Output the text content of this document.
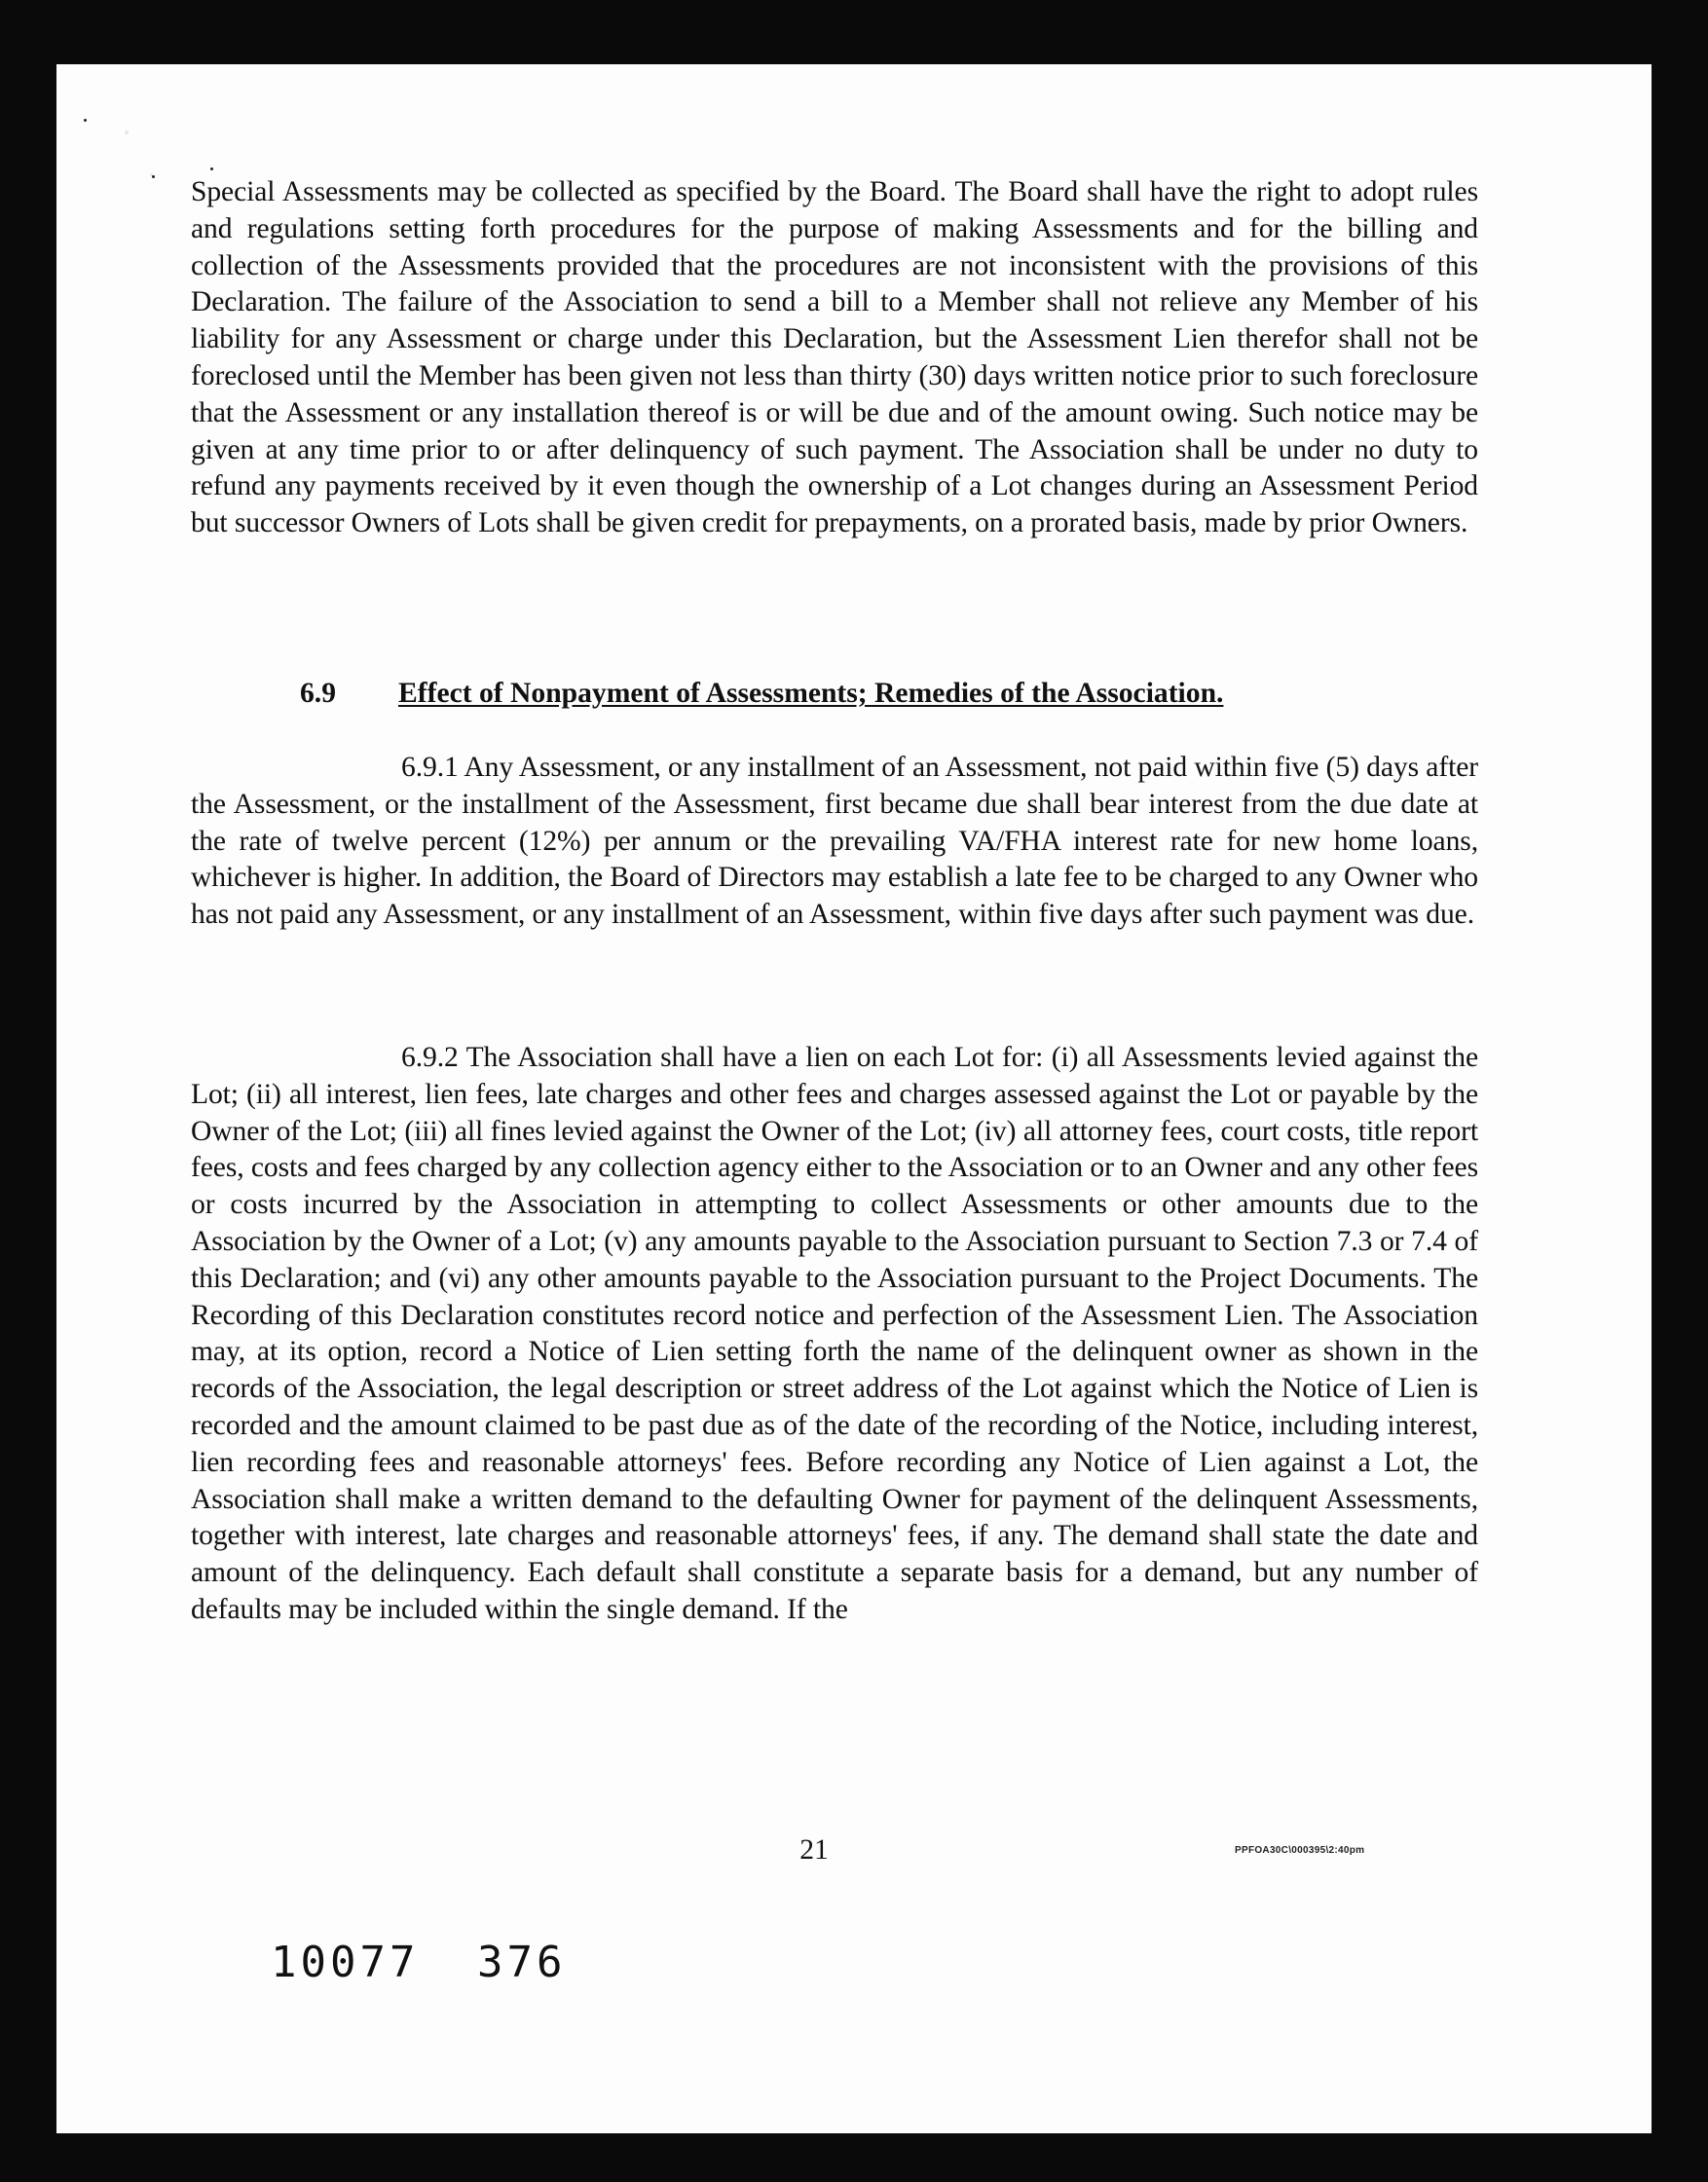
Special Assessments may be collected as specified by the Board. The Board shall have the right to adopt rules and regulations setting forth procedures for the purpose of making Assessments and for the billing and collection of the Assessments provided that the procedures are not inconsistent with the provisions of this Declaration. The failure of the Association to send a bill to a Member shall not relieve any Member of his liability for any Assessment or charge under this Declaration, but the Assessment Lien therefor shall not be foreclosed until the Member has been given not less than thirty (30) days written notice prior to such foreclosure that the Assessment or any installation thereof is or will be due and of the amount owing. Such notice may be given at any time prior to or after delinquency of such payment. The Association shall be under no duty to refund any payments received by it even though the ownership of a Lot changes during an Assessment Period but successor Owners of Lots shall be given credit for prepayments, on a prorated basis, made by prior Owners.

6.9 Effect of Nonpayment of Assessments; Remedies of the Association.

6.9.1 Any Assessment, or any installment of an Assessment, not paid within five (5) days after the Assessment, or the installment of the Assessment, first became due shall bear interest from the due date at the rate of twelve percent (12%) per annum or the prevailing VA/FHA interest rate for new home loans, whichever is higher. In addition, the Board of Directors may establish a late fee to be charged to any Owner who has not paid any Assessment, or any installment of an Assessment, within five days after such payment was due.

6.9.2 The Association shall have a lien on each Lot for: (i) all Assessments levied against the Lot; (ii) all interest, lien fees, late charges and other fees and charges assessed against the Lot or payable by the Owner of the Lot; (iii) all fines levied against the Owner of the Lot; (iv) all attorney fees, court costs, title report fees, costs and fees charged by any collection agency either to the Association or to an Owner and any other fees or costs incurred by the Association in attempting to collect Assessments or other amounts due to the Association by the Owner of a Lot; (v) any amounts payable to the Association pursuant to Section 7.3 or 7.4 of this Declaration; and (vi) any other amounts payable to the Association pursuant to the Project Documents. The Recording of this Declaration constitutes record notice and perfection of the Assessment Lien. The Association may, at its option, record a Notice of Lien setting forth the name of the delinquent owner as shown in the records of the Association, the legal description or street address of the Lot against which the Notice of Lien is recorded and the amount claimed to be past due as of the date of the recording of the Notice, including interest, lien recording fees and reasonable attorneys' fees. Before recording any Notice of Lien against a Lot, the Association shall make a written demand to the defaulting Owner for payment of the delinquent Assessments, together with interest, late charges and reasonable attorneys' fees, if any. The demand shall state the date and amount of the delinquency. Each default shall constitute a separate basis for a demand, but any number of defaults may be included within the single demand. If the

21	PPFOA30C\000395\2:40pm
10077 376
